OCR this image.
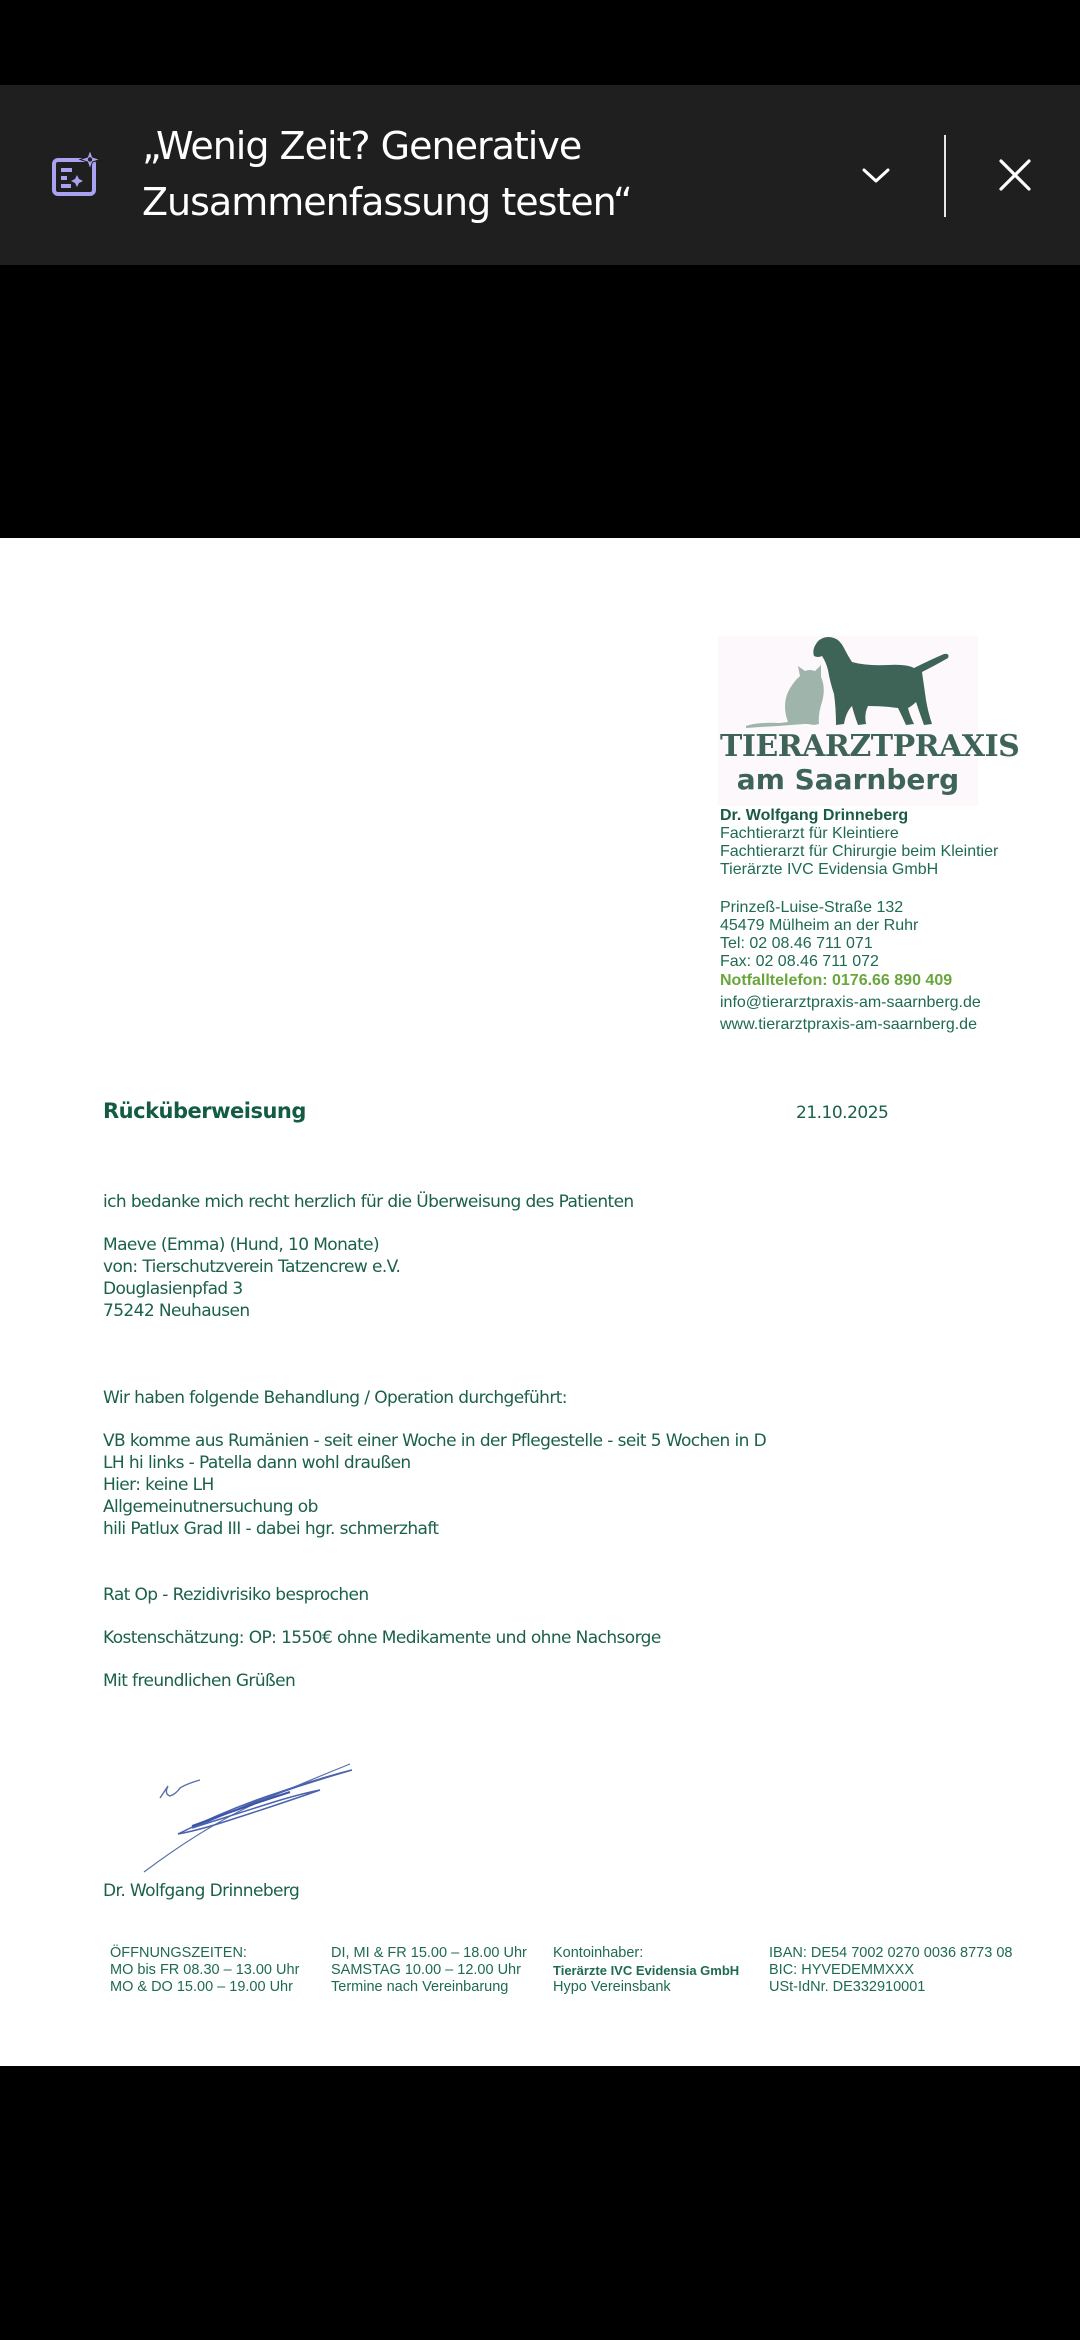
„Wenig Zeit? Generative
Zusammenfassung testen“
TIERARZTPRAXIS
am Saarnberg
Dr. Wolfgang Drinneberg
Fachtierarzt für Kleintiere
Fachtierarzt für Chirurgie beim Kleintier
Tierärzte IVC Evidensia GmbH
Prinzeß-Luise-Straße 132
45479 Mülheim an der Ruhr
Tel: 02 08.46 711 071
Fax: 02 08.46 711 072
Notfalltelefon: 0176.66 890 409
info@tierarztpraxis-am-saarnberg.de
www.tierarztpraxis-am-saarnberg.de
Rücküberweisung	21.10.2025
ich bedanke mich recht herzlich für die Überweisung des Patienten
Maeve (Emma) (Hund, 10 Monate)
von: Tierschutzverein Tatzencrew e.V.
Douglasienpfad 3
75242 Neuhausen
Wir haben folgende Behandlung / Operation durchgeführt:
VB komme aus Rumänien - seit einer Woche in der Pflegestelle - seit 5 Wochen in D
LH hi links - Patella dann wohl draußen
Hier: keine LH
Allgemeinutnersuchung ob
hili Patlux Grad III - dabei hgr. schmerzhaft
Rat Op - Rezidivrisiko besprochen
Kostenschätzung: OP: 1550€ ohne Medikamente und ohne Nachsorge
Mit freundlichen Grüßen
Dr. Wolfgang Drinneberg
ÖFFNUNGSZEITEN:
MO bis FR 08.30 – 13.00 Uhr
MO & DO 15.00 – 19.00 Uhr
DI, MI & FR 15.00 – 18.00 Uhr
SAMSTAG 10.00 – 12.00 Uhr
Termine nach Vereinbarung
Kontoinhaber:
Tierärzte IVC Evidensia GmbH
Hypo Vereinsbank
IBAN: DE54 7002 0270 0036 8773 08
BIC: HYVEDEMMXXX
USt-IdNr. DE332910001
